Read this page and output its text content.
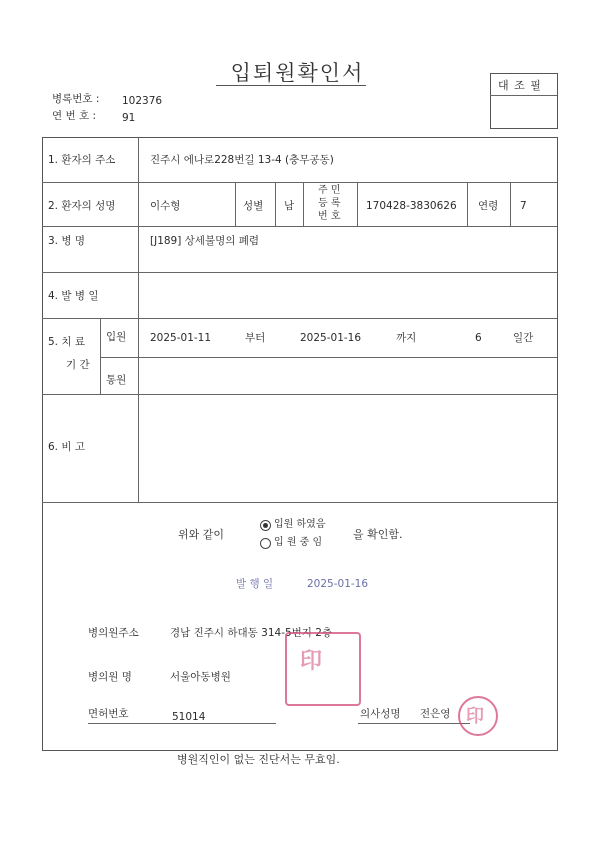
입퇴원확인서
대 조 필
병록번호 : 102376
연 번 호 : 91
1. 환자의 주소	진주시 에나로228번길 13-4 (충무공동)
2. 환자의 성명	이수형	성별 남
주 민
등 록
번 호
170428-3830626 연령 7
3. 병 명	[J189] 상세불명의 폐렴
4. 발 병 일
5. 치 료
기 간
입원 2025-01-11	부터	2025-01-16	까지	6	일간
통원
6. 비 고
위와 같이
입원 하였음
입 원 중 임
을 확인함.
발 행 일	2025-01-16
병의원주소	경남 진주시 하대동 314-5번지 2층
병의원 명	서울아동병원
면허번호	51014	의사성명 전은영
印
印
병원직인이 없는 진단서는 무효임.
